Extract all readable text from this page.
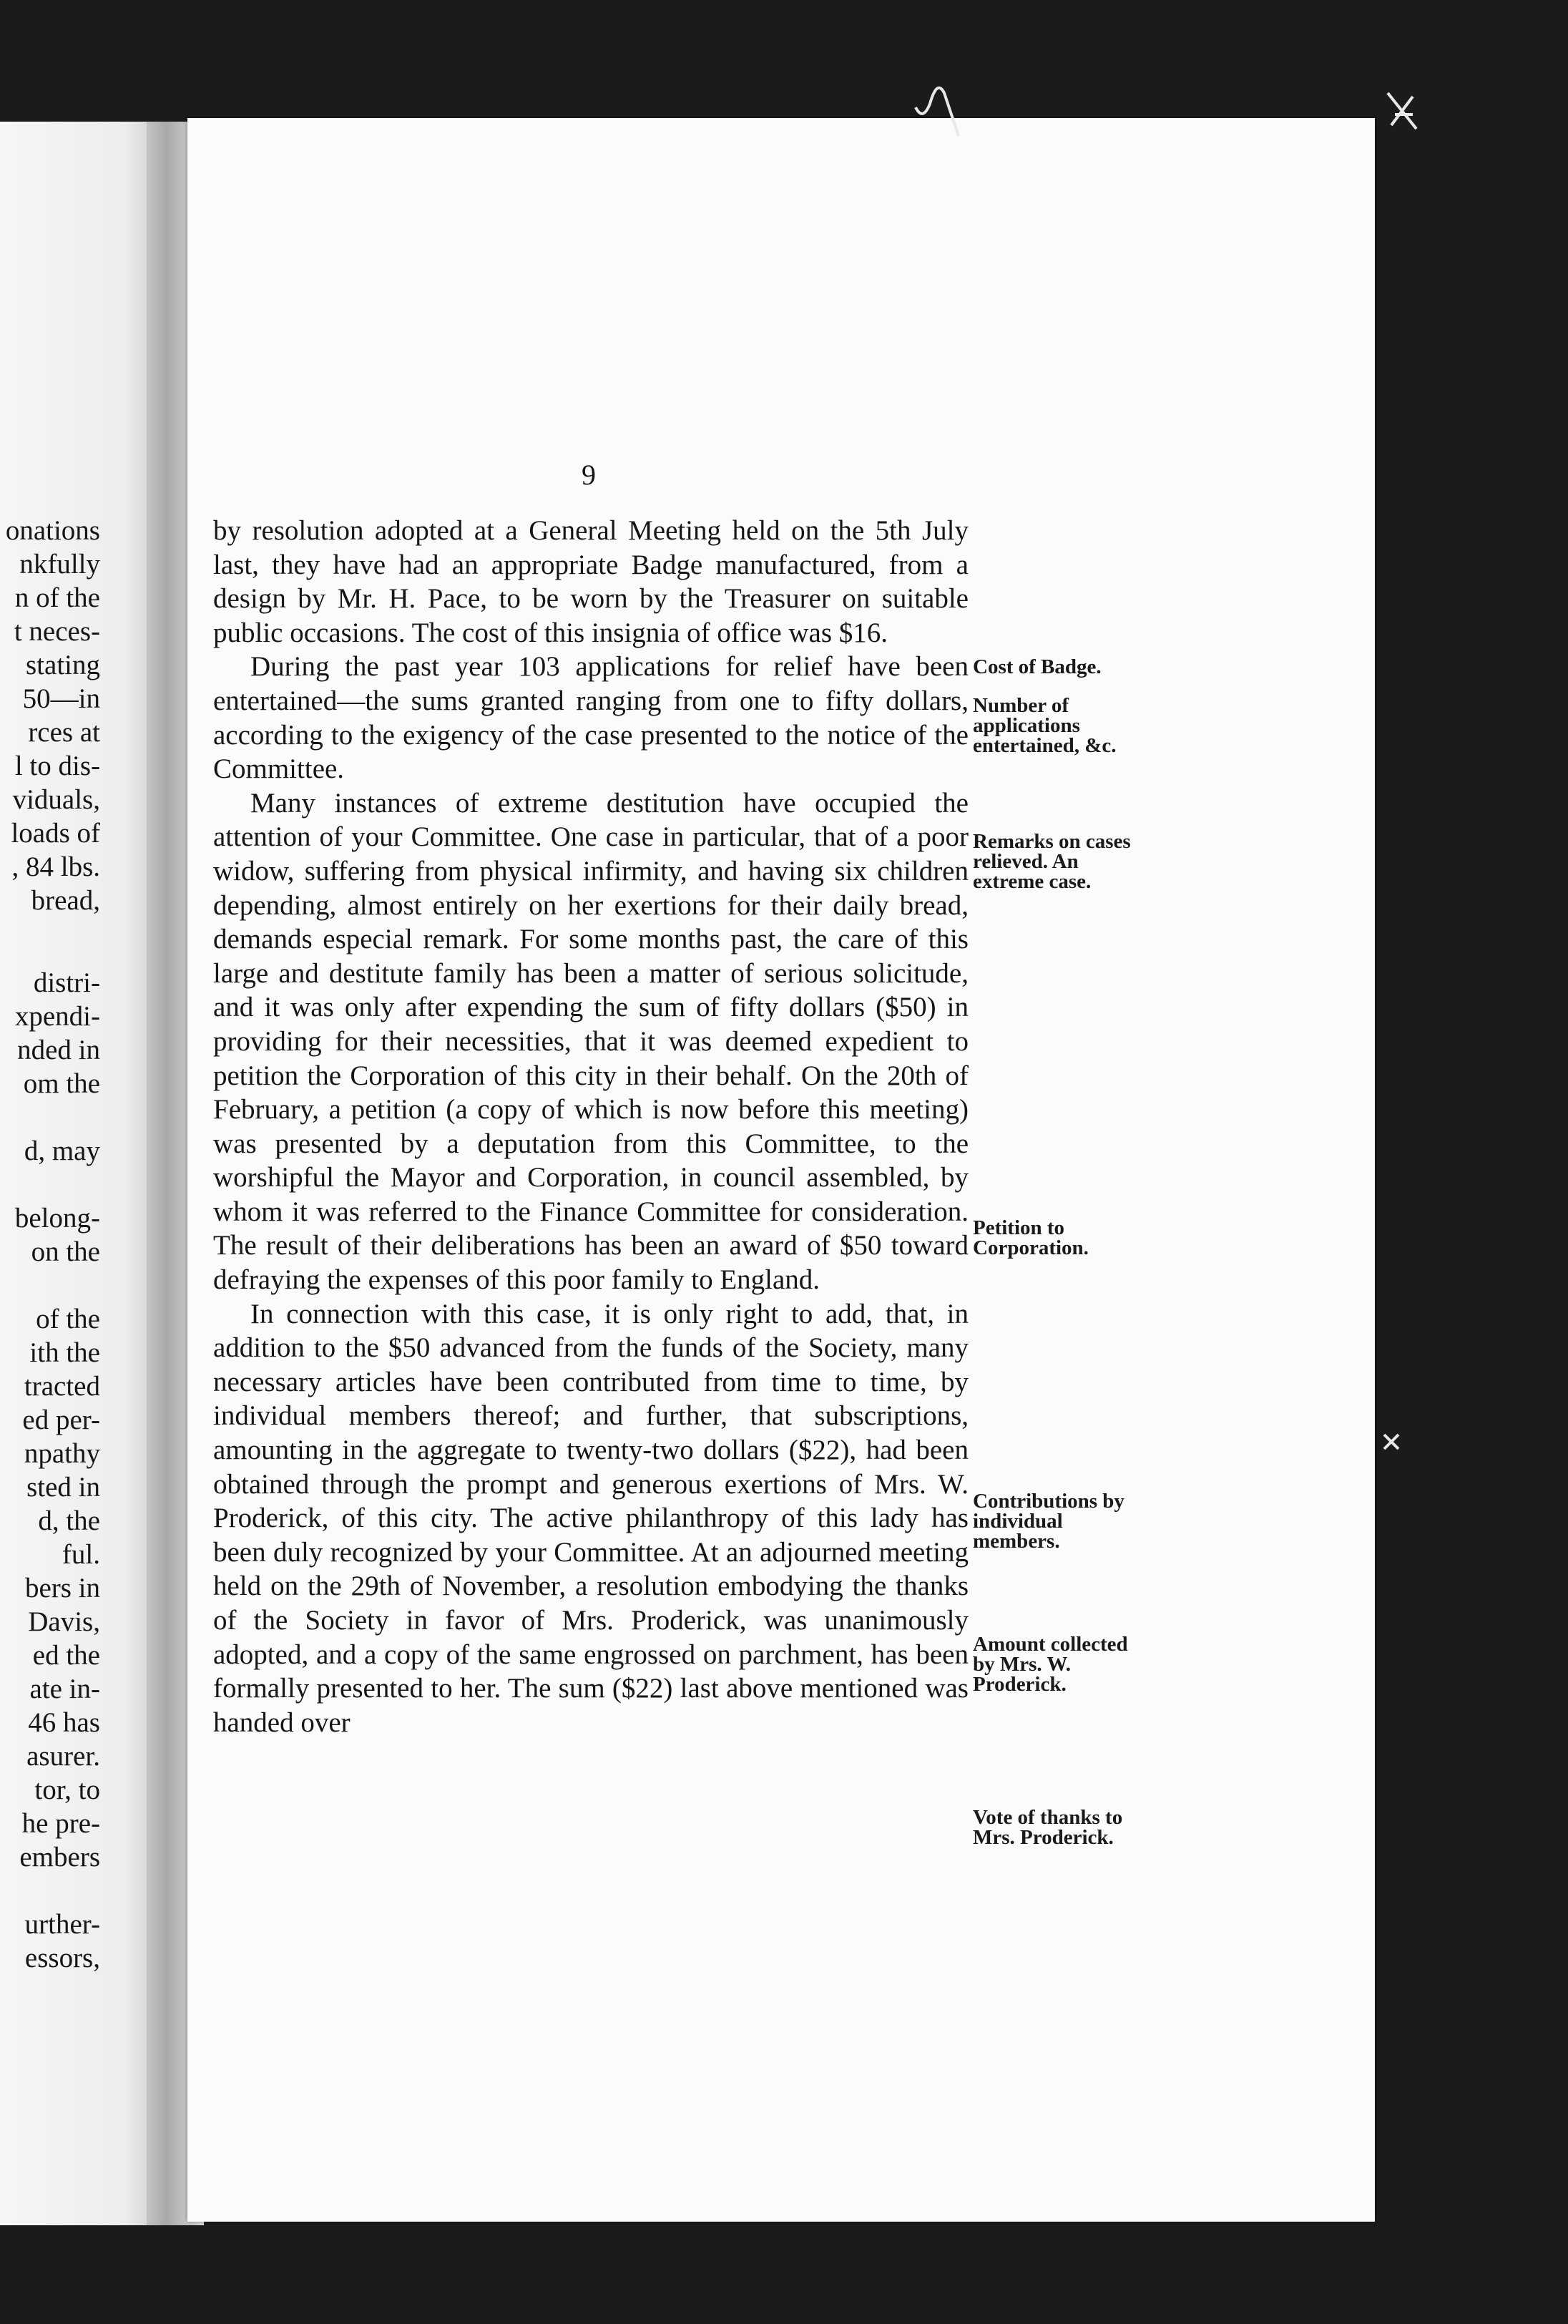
onations
nkfully
n of the
t neces-
stating
50—in
rces at
l to dis-
viduals,
loads of
, 84 lbs.
bread,
distri-
xpendi-
nded in
om the
d, may
belong-
on the
of the
ith the
tracted
ed per-
npathy
sted in
d, the
ful.
bers in
Davis,
ed the
ate in-
46 has
asurer.
tor, to
he pre-
embers
urther-
essors,
9

by resolution adopted at a General Meeting held on the 5th July last, they have had an appropriate Badge manufactured, from a design by Mr. H. Pace, to be worn by the Treasurer on suitable public occasions. The cost of this insignia of office was $16.

During the past year 103 applications for relief have been entertained—the sums granted ranging from one to fifty dollars, according to the exigency of the case presented to the notice of the Committee.

Many instances of extreme destitution have occupied the attention of your Committee. One case in particular, that of a poor widow, suffering from physical infirmity, and having six children depending, almost entirely on her exertions for their daily bread, demands especial remark. For some months past, the care of this large and destitute family has been a matter of serious solicitude, and it was only after expending the sum of fifty dollars ($50) in providing for their necessities, that it was deemed expedient to petition the Corporation of this city in their behalf. On the 20th of February, a petition (a copy of which is now before this meeting) was presented by a deputation from this Committee, to the worshipful the Mayor and Corporation, in council assembled, by whom it was referred to the Finance Committee for consideration. The result of their deliberations has been an award of $50 toward defraying the expenses of this poor family to England.

In connection with this case, it is only right to add, that, in addition to the $50 advanced from the funds of the Society, many necessary articles have been contributed from time to time, by individual members thereof; and further, that subscriptions, amounting in the aggregate to twenty-two dollars ($22), had been obtained through the prompt and generous exertions of Mrs. W. Proderick, of this city. The active philanthropy of this lady has been duly recognized by your Committee. At an adjourned meeting held on the 29th of November, a resolution embodying the thanks of the Society in favor of Mrs. Proderick, was unanimously adopted, and a copy of the same engrossed on parchment, has been formally presented to her. The sum ($22) last above mentioned was handed over

Cost of Badge.
Number of applications entertained, &c.
Remarks on cases relieved. An extreme case.
Petition to Corporation.
Contributions by individual members.
Amount collected by Mrs. W. Proderick.
Vote of thanks to Mrs. Proderick.
